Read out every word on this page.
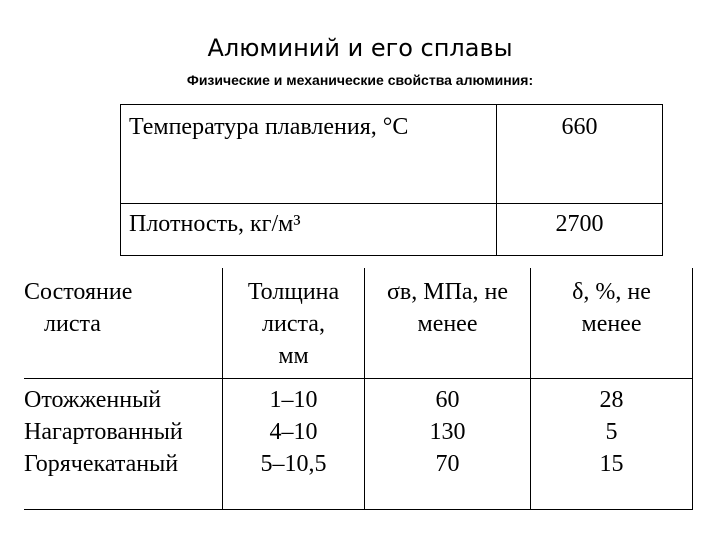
Алюминий и его сплавы
Физические и механические свойства алюминия:
Температура плавления, °С	660
Плотность, кг/м³	2700
Состояние
листа
Отожженный
Нагартованный
Горячекатаный
Толщина
листа,
мм
1–10
4–10
5–10,5
σв, МПа, не
менее
60
130
70
δ, %, не
менее
28
5
15
